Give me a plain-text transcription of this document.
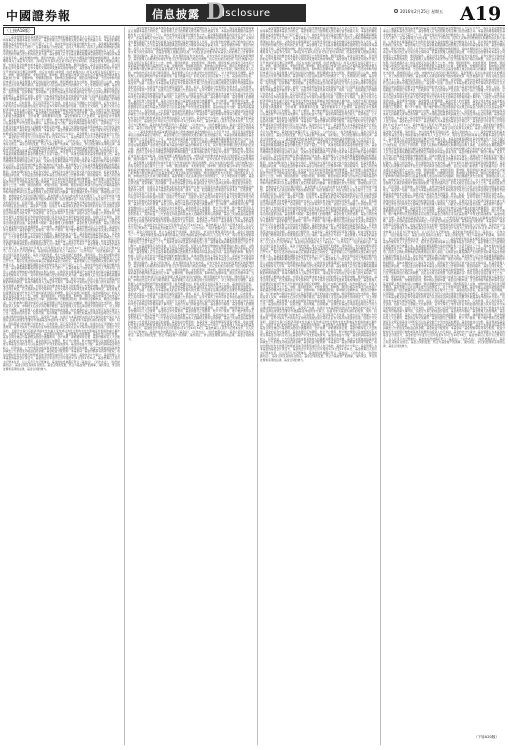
中國證券報	信息披露 D
isclosure	2016年2月25日 星期五 A19
（上接A18版）
（一）基金份额发售的基本情况和基金合同生效前的基金份额持有人大会召开方式、程序及表决规则等事宜应遵循本基金合同约定，基金管理人应当按照相关规定履行信息披露义务。本基金的募集期限自基金份额发售之日起不超过三个月，具体发售时间见基金份额发售公告。基金募集期间募集的资金应当存入专门账户，在基金募集行为结束前，任何人不得动用。投资人认购时所缴纳的认购费用由认购人承担，认购资金在募集期间产生的利息将折算为基金份额归基金份额持有人所有，其中利息转份额以登记机构的记录为准。基金管理人应当在基金募集期届满后按照规定办理验资和基金备案手续。基金份额的申购、赎回与转换：投资人在开放日办理基金份额的申购和赎回，具体办理时间为上海证券交易所、深圳证券交易所的正常交易日的交易时间，但基金管理人根据法律法规、中国证监会的要求或本基金合同的规定公告暂停申购、赎回时除外。基金合同生效后，若出现新的证券交易市场、证券交易所交易时间变更或其他特殊情况，基金管理人将视情况对前述开放日及开放时间进行相应的调整，但应在实施日前依照《信息披露办法》的有关规定在指定媒介上公告。申购、赎回的原则：未知价原则，即申购、赎回价格以申请当日收市后计算的基金份额净值为基准进行计算；金额申购、份额赎回原则，即申购以金额申请，赎回以份额申请；当日的申购与赎回申请可以在基金管理人规定的时间以内撤销；赎回遵循先进先出原则，即按照投资人认购、申购的先后次序进行顺序赎回。基金管理人可在法律法规允许的情况下，对上述原则进行调整。基金管理人必须在新规则开始实施前依照《信息披露办法》的有关规定在指定媒介上公告。基金的投资目标、投资范围、投资策略、投资限制、业绩比较基准及风险收益特征应当符合法律法规和中国证监会的规定。基金资产估值：估值日为本基金相关的证券交易场所的交易日以及国家法律法规规定需要对外披露基金净值的非交易日。估值对象为基金所拥有的股票、债券、权证、股指期货合约和银行存款本息、应收款项、其它投资等资产及负债。估值方法应当遵循公允价值原则，证券交易所上市的有价证券的估值按估值日其所在证券交易所的收盘价估值；估值日无交易的，且最近交易日后经济环境未发生重大变化或证券发行机构未发生影响证券价格的重大事件的，以最近交易日的收盘价估值。基金费用与税收：基金管理人的管理费、基金托管人的托管费、基金合同生效后与基金相关的信息披露费用、会计师费、律师费和诉讼费、基金份额持有人大会费用、基金的证券交易费用、基金的银行汇划费用、账户开户费用、账户维护费用以及按照国家有关规定和基金合同约定可以在基金财产中列支的其他费用。基金的收益与分配：基金利润指基金利息收入、投资收益、公允价值变动收益和其他收入扣除相关费用后的余额，基金已实现收益指基金利润减去公允价值变动收益后的余额。基金收益分配原则：本基金每一基金份额享有同等分配权；收益分配时所发生的银行转账或其他手续费用由投资人自行承担。基金的会计与审计：基金管理人为本基金的基金会计责任方，基金的会计年度为公历年度的1月1日至12月31日，基金核算以人民币为记账本位币，以人民币元为记账单位。基金的信息披露应符合《基金法》、《运作办法》、《信息披露办法》、基金合同及其他有关规定。基金合同的变更、终止与基金财产的清算，违约责任，争议的处理和适用的法律，基金合同的效力。（一）基金份额发售的基本情况和基金合同生效前的基金份额持有人大会召开方式、程序及表决规则等事宜应遵循本基金合同约定，基金管理人应当按照相关规定履行信息披露义务。本基金的募集期限自基金份额发售之日起不超过三个月，具体发售时间见基金份额发售公告。基金募集期间募集的资金应当存入专门账户，在基金募集行为结束前，任何人不得动用。投资人认购时所缴纳的认购费用由认购人承担，认购资金在募集期间产生的利息将折算为基金份额归基金份额持有人所有，其中利息转份额以登记机构的记录为准。基金管理人应当在基金募集期届满后按照规定办理验资和基金备案手续。基金份额的申购、赎回与转换：投资人在开放日办理基金份额的申购和赎回，具体办理时间为上海证券交易所、深圳证券交易所的正常交易日的交易时间，但基金管理人根据法律法规、中国证监会的要求或本基金合同的规定公告暂停申购、赎回时除外。基金合同生效后，若出现新的证券交易市场、证券交易所交易时间变更或其他特殊情况，基金管理人将视情况对前述开放日及开放时间进行相应的调整，但应在实施日前依照《信息披露办法》的有关规定在指定媒介上公告。申购、赎回的原则：未知价原则，即申购、赎回价格以申请当日收市后计算的基金份额净值为基准进行计算；金额申购、份额赎回原则，即申购以金额申请，赎回以份额申请；当日的申购与赎回申请可以在基金管理人规定的时间以内撤销；赎回遵循先进先出原则，即按照投资人认购、申购的先后次序进行顺序赎回。基金管理人可在法律法规允许的情况下，对上述原则进行调整。基金管理人必须在新规则开始实施前依照《信息披露办法》的有关规定在指定媒介上公告。基金的投资目标、投资范围、投资策略、投资限制、业绩比较基准及风险收益特征应当符合法律法规和中国证监会的规定。基金资产估值：估值日为本基金相关的证券交易场所的交易日以及国家法律法规规定需要对外披露基金净值的非交易日。估值对象为基金所拥有的股票、债券、权证、股指期货合约和银行存款本息、应收款项、其它投资等资产及负债。估值方法应当遵循公允价值原则，证券交易所上市的有价证券的估值按估值日其所在证券交易所的收盘价估值；估值日无交易的，且最近交易日后经济环境未发生重大变化或证券发行机构未发生影响证券价格的重大事件的，以最近交易日的收盘价估值。基金费用与税收：基金管理人的管理费、基金托管人的托管费、基金合同生效后与基金相关的信息披露费用、会计师费、律师费和诉讼费、基金份额持有人大会费用、基金的证券交易费用、基金的银行汇划费用、账户开户费用、账户维护费用以及按照国家有关规定和基金合同约定可以在基金财产中列支的其他费用。基金的收益与分配：基金利润指基金利息收入、投资收益、公允价值变动收益和其他收入扣除相关费用后的余额，基金已实现收益指基金利润减去公允价值变动收益后的余额。基金收益分配原则：本基金每一基金份额享有同等分配权；收益分配时所发生的银行转账或其他手续费用由投资人自行承担。基金的会计与审计：基金管理人为本基金的基金会计责任方，基金的会计年度为公历年度的1月1日至12月31日，基金核算以人民币为记账本位币，以人民币元为记账单位。基金的信息披露应符合《基金法》、《运作办法》、《信息披露办法》、基金合同及其他有关规定。基金合同的变更、终止与基金财产的清算，违约责任，争议的处理和适用的法律，基金合同的效力。（一）基金份额发售的基本情况和基金合同生效前的基金份额持有人大会召开方式、程序及表决规则等事宜应遵循本基金合同约定，基金管理人应当按照相关规定履行信息披露义务。本基金的募集期限自基金份额发售之日起不超过三个月，具体发售时间见基金份额发售公告。基金募集期间募集的资金应当存入专门账户，在基金募集行为结束前，任何人不得动用。投资人认购时所缴纳的认购费用由认购人承担，认购资金在募集期间产生的利息将折算为基金份额归基金份额持有人所有，其中利息转份额以登记机构的记录为准。基金管理人应当在基金募集期届满后按照规定办理验资和基金备案手续。基金份额的申购、赎回与转换：投资人在开放日办理基金份额的申购和赎回，具体办理时间为上海证券交易所、深圳证券交易所的正常交易日的交易时间，但基金管理人根据法律法规、中国证监会的要求或本基金合同的规定公告暂停申购、赎回时除外。基金合同生效后，若出现新的证券交易市场、证券交易所交易时间变更或其他特殊情况，基金管理人将视情况对前述开放日及开放时间进行相应的调整，但应在实施日前依照《信息披露办法》的有关规定在指定媒介上公告。申购、赎回的原则：未知价原则，即申购、赎回价格以申请当日收市后计算的基金份额净值为基准进行计算；金额申购、份额赎回原则，即申购以金额申请，赎回以份额申请；当日的申购与赎回申请可以在基金管理人规定的时间以内撤销；赎回遵循先进先出原则，即按照投资人认购、申购的先后次序进行顺序赎回。基金管理人可在法律法规允许的情况下，对上述原则进行调整。基金管理人必须在新规则开始实施前依照《信息披露办法》的有关规定在指定媒介上公告。基金的投资目标、投资范围、投资策略、投资限制、业绩比较基准及风险收益特征应当符合法律法规和中国证监会的规定。基金资产估值：估值日为本基金相关的证券交易场所的交易日以及国家法律法规规定需要对外披露基金净值的非交易日。估值对象为基金所拥有的股票、债券、权证、股指期货合约和银行存款本息、应收款项、其它投资等资产及负债。估值方法应当遵循公允价值原则，证券交易所上市的有价证券的估值按估值日其所在证券交易所的收盘价估值；估值日无交易的，且最近交易日后经济环境未发生重大变化或证券发行机构未发生影响证券价格的重大事件的，以最近交易日的收盘价估值。基金费用与税收：基金管理人的管理费、基金托管人的托管费、基金合同生效后与基金相关的信息披露费用、会计师费、律师费和诉讼费、基金份额持有人大会费用、基金的证券交易费用、基金的银行汇划费用、账户开户费用、账户维护费用以及按照国家有关规定和基金合同约定可以在基金财产中列支的其他费用。基金的收益与分配：基金利润指基金利息收入、投资收益、公允价值变动收益和其他收入扣除相关费用后的余额，基金已实现收益指基金利润减去公允价值变动收益后的余额。基金收益分配原则：本基金每一基金份额享有同等分配权；收益分配时所发生的银行转账或其他手续费用由投资人自行承担。基金的会计与审计：基金管理人为本基金的基金会计责任方，基金的会计年度为公历年度的1月1日至12月31日，基金核算以人民币为记账本位币，以人民币元为记账单位。基金的信息披露应符合《基金法》、《运作办法》、《信息披露办法》、基金合同及其他有关规定。基金合同的变更、终止与基金财产的清算，违约责任，争议的处理和适用的法律，基金合同的效力。
（一）基金份额发售的基本情况和基金合同生效前的基金份额持有人大会召开方式、程序及表决规则等事宜应遵循本基金合同约定，基金管理人应当按照相关规定履行信息披露义务。本基金的募集期限自基金份额发售之日起不超过三个月，具体发售时间见基金份额发售公告。基金募集期间募集的资金应当存入专门账户，在基金募集行为结束前，任何人不得动用。投资人认购时所缴纳的认购费用由认购人承担，认购资金在募集期间产生的利息将折算为基金份额归基金份额持有人所有，其中利息转份额以登记机构的记录为准。基金管理人应当在基金募集期届满后按照规定办理验资和基金备案手续。基金份额的申购、赎回与转换：投资人在开放日办理基金份额的申购和赎回，具体办理时间为上海证券交易所、深圳证券交易所的正常交易日的交易时间，但基金管理人根据法律法规、中国证监会的要求或本基金合同的规定公告暂停申购、赎回时除外。基金合同生效后，若出现新的证券交易市场、证券交易所交易时间变更或其他特殊情况，基金管理人将视情况对前述开放日及开放时间进行相应的调整，但应在实施日前依照《信息披露办法》的有关规定在指定媒介上公告。申购、赎回的原则：未知价原则，即申购、赎回价格以申请当日收市后计算的基金份额净值为基准进行计算；金额申购、份额赎回原则，即申购以金额申请，赎回以份额申请；当日的申购与赎回申请可以在基金管理人规定的时间以内撤销；赎回遵循先进先出原则，即按照投资人认购、申购的先后次序进行顺序赎回。基金管理人可在法律法规允许的情况下，对上述原则进行调整。基金管理人必须在新规则开始实施前依照《信息披露办法》的有关规定在指定媒介上公告。基金的投资目标、投资范围、投资策略、投资限制、业绩比较基准及风险收益特征应当符合法律法规和中国证监会的规定。基金资产估值：估值日为本基金相关的证券交易场所的交易日以及国家法律法规规定需要对外披露基金净值的非交易日。估值对象为基金所拥有的股票、债券、权证、股指期货合约和银行存款本息、应收款项、其它投资等资产及负债。估值方法应当遵循公允价值原则，证券交易所上市的有价证券的估值按估值日其所在证券交易所的收盘价估值；估值日无交易的，且最近交易日后经济环境未发生重大变化或证券发行机构未发生影响证券价格的重大事件的，以最近交易日的收盘价估值。基金费用与税收：基金管理人的管理费、基金托管人的托管费、基金合同生效后与基金相关的信息披露费用、会计师费、律师费和诉讼费、基金份额持有人大会费用、基金的证券交易费用、基金的银行汇划费用、账户开户费用、账户维护费用以及按照国家有关规定和基金合同约定可以在基金财产中列支的其他费用。基金的收益与分配：基金利润指基金利息收入、投资收益、公允价值变动收益和其他收入扣除相关费用后的余额，基金已实现收益指基金利润减去公允价值变动收益后的余额。基金收益分配原则：本基金每一基金份额享有同等分配权；收益分配时所发生的银行转账或其他手续费用由投资人自行承担。基金的会计与审计：基金管理人为本基金的基金会计责任方，基金的会计年度为公历年度的1月1日至12月31日，基金核算以人民币为记账本位币，以人民币元为记账单位。基金的信息披露应符合《基金法》、《运作办法》、《信息披露办法》、基金合同及其他有关规定。基金合同的变更、终止与基金财产的清算，违约责任，争议的处理和适用的法律，基金合同的效力。（一）基金份额发售的基本情况和基金合同生效前的基金份额持有人大会召开方式、程序及表决规则等事宜应遵循本基金合同约定，基金管理人应当按照相关规定履行信息披露义务。本基金的募集期限自基金份额发售之日起不超过三个月，具体发售时间见基金份额发售公告。基金募集期间募集的资金应当存入专门账户，在基金募集行为结束前，任何人不得动用。投资人认购时所缴纳的认购费用由认购人承担，认购资金在募集期间产生的利息将折算为基金份额归基金份额持有人所有，其中利息转份额以登记机构的记录为准。基金管理人应当在基金募集期届满后按照规定办理验资和基金备案手续。基金份额的申购、赎回与转换：投资人在开放日办理基金份额的申购和赎回，具体办理时间为上海证券交易所、深圳证券交易所的正常交易日的交易时间，但基金管理人根据法律法规、中国证监会的要求或本基金合同的规定公告暂停申购、赎回时除外。基金合同生效后，若出现新的证券交易市场、证券交易所交易时间变更或其他特殊情况，基金管理人将视情况对前述开放日及开放时间进行相应的调整，但应在实施日前依照《信息披露办法》的有关规定在指定媒介上公告。申购、赎回的原则：未知价原则，即申购、赎回价格以申请当日收市后计算的基金份额净值为基准进行计算；金额申购、份额赎回原则，即申购以金额申请，赎回以份额申请；当日的申购与赎回申请可以在基金管理人规定的时间以内撤销；赎回遵循先进先出原则，即按照投资人认购、申购的先后次序进行顺序赎回。基金管理人可在法律法规允许的情况下，对上述原则进行调整。基金管理人必须在新规则开始实施前依照《信息披露办法》的有关规定在指定媒介上公告。基金的投资目标、投资范围、投资策略、投资限制、业绩比较基准及风险收益特征应当符合法律法规和中国证监会的规定。基金资产估值：估值日为本基金相关的证券交易场所的交易日以及国家法律法规规定需要对外披露基金净值的非交易日。估值对象为基金所拥有的股票、债券、权证、股指期货合约和银行存款本息、应收款项、其它投资等资产及负债。估值方法应当遵循公允价值原则，证券交易所上市的有价证券的估值按估值日其所在证券交易所的收盘价估值；估值日无交易的，且最近交易日后经济环境未发生重大变化或证券发行机构未发生影响证券价格的重大事件的，以最近交易日的收盘价估值。基金费用与税收：基金管理人的管理费、基金托管人的托管费、基金合同生效后与基金相关的信息披露费用、会计师费、律师费和诉讼费、基金份额持有人大会费用、基金的证券交易费用、基金的银行汇划费用、账户开户费用、账户维护费用以及按照国家有关规定和基金合同约定可以在基金财产中列支的其他费用。基金的收益与分配：基金利润指基金利息收入、投资收益、公允价值变动收益和其他收入扣除相关费用后的余额，基金已实现收益指基金利润减去公允价值变动收益后的余额。基金收益分配原则：本基金每一基金份额享有同等分配权；收益分配时所发生的银行转账或其他手续费用由投资人自行承担。基金的会计与审计：基金管理人为本基金的基金会计责任方，基金的会计年度为公历年度的1月1日至12月31日，基金核算以人民币为记账本位币，以人民币元为记账单位。基金的信息披露应符合《基金法》、《运作办法》、《信息披露办法》、基金合同及其他有关规定。基金合同的变更、终止与基金财产的清算，违约责任，争议的处理和适用的法律，基金合同的效力。（一）基金份额发售的基本情况和基金合同生效前的基金份额持有人大会召开方式、程序及表决规则等事宜应遵循本基金合同约定，基金管理人应当按照相关规定履行信息披露义务。本基金的募集期限自基金份额发售之日起不超过三个月，具体发售时间见基金份额发售公告。基金募集期间募集的资金应当存入专门账户，在基金募集行为结束前，任何人不得动用。投资人认购时所缴纳的认购费用由认购人承担，认购资金在募集期间产生的利息将折算为基金份额归基金份额持有人所有，其中利息转份额以登记机构的记录为准。基金管理人应当在基金募集期届满后按照规定办理验资和基金备案手续。基金份额的申购、赎回与转换：投资人在开放日办理基金份额的申购和赎回，具体办理时间为上海证券交易所、深圳证券交易所的正常交易日的交易时间，但基金管理人根据法律法规、中国证监会的要求或本基金合同的规定公告暂停申购、赎回时除外。基金合同生效后，若出现新的证券交易市场、证券交易所交易时间变更或其他特殊情况，基金管理人将视情况对前述开放日及开放时间进行相应的调整，但应在实施日前依照《信息披露办法》的有关规定在指定媒介上公告。申购、赎回的原则：未知价原则，即申购、赎回价格以申请当日收市后计算的基金份额净值为基准进行计算；金额申购、份额赎回原则，即申购以金额申请，赎回以份额申请；当日的申购与赎回申请可以在基金管理人规定的时间以内撤销；赎回遵循先进先出原则，即按照投资人认购、申购的先后次序进行顺序赎回。基金管理人可在法律法规允许的情况下，对上述原则进行调整。基金管理人必须在新规则开始实施前依照《信息披露办法》的有关规定在指定媒介上公告。基金的投资目标、投资范围、投资策略、投资限制、业绩比较基准及风险收益特征应当符合法律法规和中国证监会的规定。基金资产估值：估值日为本基金相关的证券交易场所的交易日以及国家法律法规规定需要对外披露基金净值的非交易日。估值对象为基金所拥有的股票、债券、权证、股指期货合约和银行存款本息、应收款项、其它投资等资产及负债。估值方法应当遵循公允价值原则，证券交易所上市的有价证券的估值按估值日其所在证券交易所的收盘价估值；估值日无交易的，且最近交易日后经济环境未发生重大变化或证券发行机构未发生影响证券价格的重大事件的，以最近交易日的收盘价估值。基金费用与税收：基金管理人的管理费、基金托管人的托管费、基金合同生效后与基金相关的信息披露费用、会计师费、律师费和诉讼费、基金份额持有人大会费用、基金的证券交易费用、基金的银行汇划费用、账户开户费用、账户维护费用以及按照国家有关规定和基金合同约定可以在基金财产中列支的其他费用。基金的收益与分配：基金利润指基金利息收入、投资收益、公允价值变动收益和其他收入扣除相关费用后的余额，基金已实现收益指基金利润减去公允价值变动收益后的余额。基金收益分配原则：本基金每一基金份额享有同等分配权；收益分配时所发生的银行转账或其他手续费用由投资人自行承担。基金的会计与审计：基金管理人为本基金的基金会计责任方，基金的会计年度为公历年度的1月1日至12月31日，基金核算以人民币为记账本位币，以人民币元为记账单位。基金的信息披露应符合《基金法》、《运作办法》、《信息披露办法》、基金合同及其他有关规定。基金合同的变更、终止与基金财产的清算，违约责任，争议的处理和适用的法律，基金合同的效力。
（一）基金份额发售的基本情况和基金合同生效前的基金份额持有人大会召开方式、程序及表决规则等事宜应遵循本基金合同约定，基金管理人应当按照相关规定履行信息披露义务。本基金的募集期限自基金份额发售之日起不超过三个月，具体发售时间见基金份额发售公告。基金募集期间募集的资金应当存入专门账户，在基金募集行为结束前，任何人不得动用。投资人认购时所缴纳的认购费用由认购人承担，认购资金在募集期间产生的利息将折算为基金份额归基金份额持有人所有，其中利息转份额以登记机构的记录为准。基金管理人应当在基金募集期届满后按照规定办理验资和基金备案手续。基金份额的申购、赎回与转换：投资人在开放日办理基金份额的申购和赎回，具体办理时间为上海证券交易所、深圳证券交易所的正常交易日的交易时间，但基金管理人根据法律法规、中国证监会的要求或本基金合同的规定公告暂停申购、赎回时除外。基金合同生效后，若出现新的证券交易市场、证券交易所交易时间变更或其他特殊情况，基金管理人将视情况对前述开放日及开放时间进行相应的调整，但应在实施日前依照《信息披露办法》的有关规定在指定媒介上公告。申购、赎回的原则：未知价原则，即申购、赎回价格以申请当日收市后计算的基金份额净值为基准进行计算；金额申购、份额赎回原则，即申购以金额申请，赎回以份额申请；当日的申购与赎回申请可以在基金管理人规定的时间以内撤销；赎回遵循先进先出原则，即按照投资人认购、申购的先后次序进行顺序赎回。基金管理人可在法律法规允许的情况下，对上述原则进行调整。基金管理人必须在新规则开始实施前依照《信息披露办法》的有关规定在指定媒介上公告。基金的投资目标、投资范围、投资策略、投资限制、业绩比较基准及风险收益特征应当符合法律法规和中国证监会的规定。基金资产估值：估值日为本基金相关的证券交易场所的交易日以及国家法律法规规定需要对外披露基金净值的非交易日。估值对象为基金所拥有的股票、债券、权证、股指期货合约和银行存款本息、应收款项、其它投资等资产及负债。估值方法应当遵循公允价值原则，证券交易所上市的有价证券的估值按估值日其所在证券交易所的收盘价估值；估值日无交易的，且最近交易日后经济环境未发生重大变化或证券发行机构未发生影响证券价格的重大事件的，以最近交易日的收盘价估值。基金费用与税收：基金管理人的管理费、基金托管人的托管费、基金合同生效后与基金相关的信息披露费用、会计师费、律师费和诉讼费、基金份额持有人大会费用、基金的证券交易费用、基金的银行汇划费用、账户开户费用、账户维护费用以及按照国家有关规定和基金合同约定可以在基金财产中列支的其他费用。基金的收益与分配：基金利润指基金利息收入、投资收益、公允价值变动收益和其他收入扣除相关费用后的余额，基金已实现收益指基金利润减去公允价值变动收益后的余额。基金收益分配原则：本基金每一基金份额享有同等分配权；收益分配时所发生的银行转账或其他手续费用由投资人自行承担。基金的会计与审计：基金管理人为本基金的基金会计责任方，基金的会计年度为公历年度的1月1日至12月31日，基金核算以人民币为记账本位币，以人民币元为记账单位。基金的信息披露应符合《基金法》、《运作办法》、《信息披露办法》、基金合同及其他有关规定。基金合同的变更、终止与基金财产的清算，违约责任，争议的处理和适用的法律，基金合同的效力。（一）基金份额发售的基本情况和基金合同生效前的基金份额持有人大会召开方式、程序及表决规则等事宜应遵循本基金合同约定，基金管理人应当按照相关规定履行信息披露义务。本基金的募集期限自基金份额发售之日起不超过三个月，具体发售时间见基金份额发售公告。基金募集期间募集的资金应当存入专门账户，在基金募集行为结束前，任何人不得动用。投资人认购时所缴纳的认购费用由认购人承担，认购资金在募集期间产生的利息将折算为基金份额归基金份额持有人所有，其中利息转份额以登记机构的记录为准。基金管理人应当在基金募集期届满后按照规定办理验资和基金备案手续。基金份额的申购、赎回与转换：投资人在开放日办理基金份额的申购和赎回，具体办理时间为上海证券交易所、深圳证券交易所的正常交易日的交易时间，但基金管理人根据法律法规、中国证监会的要求或本基金合同的规定公告暂停申购、赎回时除外。基金合同生效后，若出现新的证券交易市场、证券交易所交易时间变更或其他特殊情况，基金管理人将视情况对前述开放日及开放时间进行相应的调整，但应在实施日前依照《信息披露办法》的有关规定在指定媒介上公告。申购、赎回的原则：未知价原则，即申购、赎回价格以申请当日收市后计算的基金份额净值为基准进行计算；金额申购、份额赎回原则，即申购以金额申请，赎回以份额申请；当日的申购与赎回申请可以在基金管理人规定的时间以内撤销；赎回遵循先进先出原则，即按照投资人认购、申购的先后次序进行顺序赎回。基金管理人可在法律法规允许的情况下，对上述原则进行调整。基金管理人必须在新规则开始实施前依照《信息披露办法》的有关规定在指定媒介上公告。基金的投资目标、投资范围、投资策略、投资限制、业绩比较基准及风险收益特征应当符合法律法规和中国证监会的规定。基金资产估值：估值日为本基金相关的证券交易场所的交易日以及国家法律法规规定需要对外披露基金净值的非交易日。估值对象为基金所拥有的股票、债券、权证、股指期货合约和银行存款本息、应收款项、其它投资等资产及负债。估值方法应当遵循公允价值原则，证券交易所上市的有价证券的估值按估值日其所在证券交易所的收盘价估值；估值日无交易的，且最近交易日后经济环境未发生重大变化或证券发行机构未发生影响证券价格的重大事件的，以最近交易日的收盘价估值。基金费用与税收：基金管理人的管理费、基金托管人的托管费、基金合同生效后与基金相关的信息披露费用、会计师费、律师费和诉讼费、基金份额持有人大会费用、基金的证券交易费用、基金的银行汇划费用、账户开户费用、账户维护费用以及按照国家有关规定和基金合同约定可以在基金财产中列支的其他费用。基金的收益与分配：基金利润指基金利息收入、投资收益、公允价值变动收益和其他收入扣除相关费用后的余额，基金已实现收益指基金利润减去公允价值变动收益后的余额。基金收益分配原则：本基金每一基金份额享有同等分配权；收益分配时所发生的银行转账或其他手续费用由投资人自行承担。基金的会计与审计：基金管理人为本基金的基金会计责任方，基金的会计年度为公历年度的1月1日至12月31日，基金核算以人民币为记账本位币，以人民币元为记账单位。基金的信息披露应符合《基金法》、《运作办法》、《信息披露办法》、基金合同及其他有关规定。基金合同的变更、终止与基金财产的清算，违约责任，争议的处理和适用的法律，基金合同的效力。（一）基金份额发售的基本情况和基金合同生效前的基金份额持有人大会召开方式、程序及表决规则等事宜应遵循本基金合同约定，基金管理人应当按照相关规定履行信息披露义务。本基金的募集期限自基金份额发售之日起不超过三个月，具体发售时间见基金份额发售公告。基金募集期间募集的资金应当存入专门账户，在基金募集行为结束前，任何人不得动用。投资人认购时所缴纳的认购费用由认购人承担，认购资金在募集期间产生的利息将折算为基金份额归基金份额持有人所有，其中利息转份额以登记机构的记录为准。基金管理人应当在基金募集期届满后按照规定办理验资和基金备案手续。基金份额的申购、赎回与转换：投资人在开放日办理基金份额的申购和赎回，具体办理时间为上海证券交易所、深圳证券交易所的正常交易日的交易时间，但基金管理人根据法律法规、中国证监会的要求或本基金合同的规定公告暂停申购、赎回时除外。基金合同生效后，若出现新的证券交易市场、证券交易所交易时间变更或其他特殊情况，基金管理人将视情况对前述开放日及开放时间进行相应的调整，但应在实施日前依照《信息披露办法》的有关规定在指定媒介上公告。申购、赎回的原则：未知价原则，即申购、赎回价格以申请当日收市后计算的基金份额净值为基准进行计算；金额申购、份额赎回原则，即申购以金额申请，赎回以份额申请；当日的申购与赎回申请可以在基金管理人规定的时间以内撤销；赎回遵循先进先出原则，即按照投资人认购、申购的先后次序进行顺序赎回。基金管理人可在法律法规允许的情况下，对上述原则进行调整。基金管理人必须在新规则开始实施前依照《信息披露办法》的有关规定在指定媒介上公告。基金的投资目标、投资范围、投资策略、投资限制、业绩比较基准及风险收益特征应当符合法律法规和中国证监会的规定。基金资产估值：估值日为本基金相关的证券交易场所的交易日以及国家法律法规规定需要对外披露基金净值的非交易日。估值对象为基金所拥有的股票、债券、权证、股指期货合约和银行存款本息、应收款项、其它投资等资产及负债。估值方法应当遵循公允价值原则，证券交易所上市的有价证券的估值按估值日其所在证券交易所的收盘价估值；估值日无交易的，且最近交易日后经济环境未发生重大变化或证券发行机构未发生影响证券价格的重大事件的，以最近交易日的收盘价估值。基金费用与税收：基金管理人的管理费、基金托管人的托管费、基金合同生效后与基金相关的信息披露费用、会计师费、律师费和诉讼费、基金份额持有人大会费用、基金的证券交易费用、基金的银行汇划费用、账户开户费用、账户维护费用以及按照国家有关规定和基金合同约定可以在基金财产中列支的其他费用。基金的收益与分配：基金利润指基金利息收入、投资收益、公允价值变动收益和其他收入扣除相关费用后的余额，基金已实现收益指基金利润减去公允价值变动收益后的余额。基金收益分配原则：本基金每一基金份额享有同等分配权；收益分配时所发生的银行转账或其他手续费用由投资人自行承担。基金的会计与审计：基金管理人为本基金的基金会计责任方，基金的会计年度为公历年度的1月1日至12月31日，基金核算以人民币为记账本位币，以人民币元为记账单位。基金的信息披露应符合《基金法》、《运作办法》、《信息披露办法》、基金合同及其他有关规定。基金合同的变更、终止与基金财产的清算，违约责任，争议的处理和适用的法律，基金合同的效力。
（一）基金份额发售的基本情况和基金合同生效前的基金份额持有人大会召开方式、程序及表决规则等事宜应遵循本基金合同约定，基金管理人应当按照相关规定履行信息披露义务。本基金的募集期限自基金份额发售之日起不超过三个月，具体发售时间见基金份额发售公告。基金募集期间募集的资金应当存入专门账户，在基金募集行为结束前，任何人不得动用。投资人认购时所缴纳的认购费用由认购人承担，认购资金在募集期间产生的利息将折算为基金份额归基金份额持有人所有，其中利息转份额以登记机构的记录为准。基金管理人应当在基金募集期届满后按照规定办理验资和基金备案手续。基金份额的申购、赎回与转换：投资人在开放日办理基金份额的申购和赎回，具体办理时间为上海证券交易所、深圳证券交易所的正常交易日的交易时间，但基金管理人根据法律法规、中国证监会的要求或本基金合同的规定公告暂停申购、赎回时除外。基金合同生效后，若出现新的证券交易市场、证券交易所交易时间变更或其他特殊情况，基金管理人将视情况对前述开放日及开放时间进行相应的调整，但应在实施日前依照《信息披露办法》的有关规定在指定媒介上公告。申购、赎回的原则：未知价原则，即申购、赎回价格以申请当日收市后计算的基金份额净值为基准进行计算；金额申购、份额赎回原则，即申购以金额申请，赎回以份额申请；当日的申购与赎回申请可以在基金管理人规定的时间以内撤销；赎回遵循先进先出原则，即按照投资人认购、申购的先后次序进行顺序赎回。基金管理人可在法律法规允许的情况下，对上述原则进行调整。基金管理人必须在新规则开始实施前依照《信息披露办法》的有关规定在指定媒介上公告。基金的投资目标、投资范围、投资策略、投资限制、业绩比较基准及风险收益特征应当符合法律法规和中国证监会的规定。基金资产估值：估值日为本基金相关的证券交易场所的交易日以及国家法律法规规定需要对外披露基金净值的非交易日。估值对象为基金所拥有的股票、债券、权证、股指期货合约和银行存款本息、应收款项、其它投资等资产及负债。估值方法应当遵循公允价值原则，证券交易所上市的有价证券的估值按估值日其所在证券交易所的收盘价估值；估值日无交易的，且最近交易日后经济环境未发生重大变化或证券发行机构未发生影响证券价格的重大事件的，以最近交易日的收盘价估值。基金费用与税收：基金管理人的管理费、基金托管人的托管费、基金合同生效后与基金相关的信息披露费用、会计师费、律师费和诉讼费、基金份额持有人大会费用、基金的证券交易费用、基金的银行汇划费用、账户开户费用、账户维护费用以及按照国家有关规定和基金合同约定可以在基金财产中列支的其他费用。基金的收益与分配：基金利润指基金利息收入、投资收益、公允价值变动收益和其他收入扣除相关费用后的余额，基金已实现收益指基金利润减去公允价值变动收益后的余额。基金收益分配原则：本基金每一基金份额享有同等分配权；收益分配时所发生的银行转账或其他手续费用由投资人自行承担。基金的会计与审计：基金管理人为本基金的基金会计责任方，基金的会计年度为公历年度的1月1日至12月31日，基金核算以人民币为记账本位币，以人民币元为记账单位。基金的信息披露应符合《基金法》、《运作办法》、《信息披露办法》、基金合同及其他有关规定。基金合同的变更、终止与基金财产的清算，违约责任，争议的处理和适用的法律，基金合同的效力。（一）基金份额发售的基本情况和基金合同生效前的基金份额持有人大会召开方式、程序及表决规则等事宜应遵循本基金合同约定，基金管理人应当按照相关规定履行信息披露义务。本基金的募集期限自基金份额发售之日起不超过三个月，具体发售时间见基金份额发售公告。基金募集期间募集的资金应当存入专门账户，在基金募集行为结束前，任何人不得动用。投资人认购时所缴纳的认购费用由认购人承担，认购资金在募集期间产生的利息将折算为基金份额归基金份额持有人所有，其中利息转份额以登记机构的记录为准。基金管理人应当在基金募集期届满后按照规定办理验资和基金备案手续。基金份额的申购、赎回与转换：投资人在开放日办理基金份额的申购和赎回，具体办理时间为上海证券交易所、深圳证券交易所的正常交易日的交易时间，但基金管理人根据法律法规、中国证监会的要求或本基金合同的规定公告暂停申购、赎回时除外。基金合同生效后，若出现新的证券交易市场、证券交易所交易时间变更或其他特殊情况，基金管理人将视情况对前述开放日及开放时间进行相应的调整，但应在实施日前依照《信息披露办法》的有关规定在指定媒介上公告。申购、赎回的原则：未知价原则，即申购、赎回价格以申请当日收市后计算的基金份额净值为基准进行计算；金额申购、份额赎回原则，即申购以金额申请，赎回以份额申请；当日的申购与赎回申请可以在基金管理人规定的时间以内撤销；赎回遵循先进先出原则，即按照投资人认购、申购的先后次序进行顺序赎回。基金管理人可在法律法规允许的情况下，对上述原则进行调整。基金管理人必须在新规则开始实施前依照《信息披露办法》的有关规定在指定媒介上公告。基金的投资目标、投资范围、投资策略、投资限制、业绩比较基准及风险收益特征应当符合法律法规和中国证监会的规定。基金资产估值：估值日为本基金相关的证券交易场所的交易日以及国家法律法规规定需要对外披露基金净值的非交易日。估值对象为基金所拥有的股票、债券、权证、股指期货合约和银行存款本息、应收款项、其它投资等资产及负债。估值方法应当遵循公允价值原则，证券交易所上市的有价证券的估值按估值日其所在证券交易所的收盘价估值；估值日无交易的，且最近交易日后经济环境未发生重大变化或证券发行机构未发生影响证券价格的重大事件的，以最近交易日的收盘价估值。基金费用与税收：基金管理人的管理费、基金托管人的托管费、基金合同生效后与基金相关的信息披露费用、会计师费、律师费和诉讼费、基金份额持有人大会费用、基金的证券交易费用、基金的银行汇划费用、账户开户费用、账户维护费用以及按照国家有关规定和基金合同约定可以在基金财产中列支的其他费用。基金的收益与分配：基金利润指基金利息收入、投资收益、公允价值变动收益和其他收入扣除相关费用后的余额，基金已实现收益指基金利润减去公允价值变动收益后的余额。基金收益分配原则：本基金每一基金份额享有同等分配权；收益分配时所发生的银行转账或其他手续费用由投资人自行承担。基金的会计与审计：基金管理人为本基金的基金会计责任方，基金的会计年度为公历年度的1月1日至12月31日，基金核算以人民币为记账本位币，以人民币元为记账单位。基金的信息披露应符合《基金法》、《运作办法》、《信息披露办法》、基金合同及其他有关规定。基金合同的变更、终止与基金财产的清算，违约责任，争议的处理和适用的法律，基金合同的效力。（一）基金份额发售的基本情况和基金合同生效前的基金份额持有人大会召开方式、程序及表决规则等事宜应遵循本基金合同约定，基金管理人应当按照相关规定履行信息披露义务。本基金的募集期限自基金份额发售之日起不超过三个月，具体发售时间见基金份额发售公告。基金募集期间募集的资金应当存入专门账户，在基金募集行为结束前，任何人不得动用。投资人认购时所缴纳的认购费用由认购人承担，认购资金在募集期间产生的利息将折算为基金份额归基金份额持有人所有，其中利息转份额以登记机构的记录为准。基金管理人应当在基金募集期届满后按照规定办理验资和基金备案手续。基金份额的申购、赎回与转换：投资人在开放日办理基金份额的申购和赎回，具体办理时间为上海证券交易所、深圳证券交易所的正常交易日的交易时间，但基金管理人根据法律法规、中国证监会的要求或本基金合同的规定公告暂停申购、赎回时除外。基金合同生效后，若出现新的证券交易市场、证券交易所交易时间变更或其他特殊情况，基金管理人将视情况对前述开放日及开放时间进行相应的调整，但应在实施日前依照《信息披露办法》的有关规定在指定媒介上公告。申购、赎回的原则：未知价原则，即申购、赎回价格以申请当日收市后计算的基金份额净值为基准进行计算；金额申购、份额赎回原则，即申购以金额申请，赎回以份额申请；当日的申购与赎回申请可以在基金管理人规定的时间以内撤销；赎回遵循先进先出原则，即按照投资人认购、申购的先后次序进行顺序赎回。基金管理人可在法律法规允许的情况下，对上述原则进行调整。基金管理人必须在新规则开始实施前依照《信息披露办法》的有关规定在指定媒介上公告。基金的投资目标、投资范围、投资策略、投资限制、业绩比较基准及风险收益特征应当符合法律法规和中国证监会的规定。基金资产估值：估值日为本基金相关的证券交易场所的交易日以及国家法律法规规定需要对外披露基金净值的非交易日。估值对象为基金所拥有的股票、债券、权证、股指期货合约和银行存款本息、应收款项、其它投资等资产及负债。估值方法应当遵循公允价值原则，证券交易所上市的有价证券的估值按估值日其所在证券交易所的收盘价估值；估值日无交易的，且最近交易日后经济环境未发生重大变化或证券发行机构未发生影响证券价格的重大事件的，以最近交易日的收盘价估值。基金费用与税收：基金管理人的管理费、基金托管人的托管费、基金合同生效后与基金相关的信息披露费用、会计师费、律师费和诉讼费、基金份额持有人大会费用、基金的证券交易费用、基金的银行汇划费用、账户开户费用、账户维护费用以及按照国家有关规定和基金合同约定可以在基金财产中列支的其他费用。基金的收益与分配：基金利润指基金利息收入、投资收益、公允价值变动收益和其他收入扣除相关费用后的余额，基金已实现收益指基金利润减去公允价值变动收益后的余额。基金收益分配原则：本基金每一基金份额享有同等分配权；收益分配时所发生的银行转账或其他手续费用由投资人自行承担。基金的会计与审计：基金管理人为本基金的基金会计责任方，基金的会计年度为公历年度的1月1日至12月31日，基金核算以人民币为记账本位币，以人民币元为记账单位。基金的信息披露应符合《基金法》、《运作办法》、《信息披露办法》、基金合同及其他有关规定。基金合同的变更、终止与基金财产的清算，违约责任，争议的处理和适用的法律，基金合同的效力。
（下转A20版）
